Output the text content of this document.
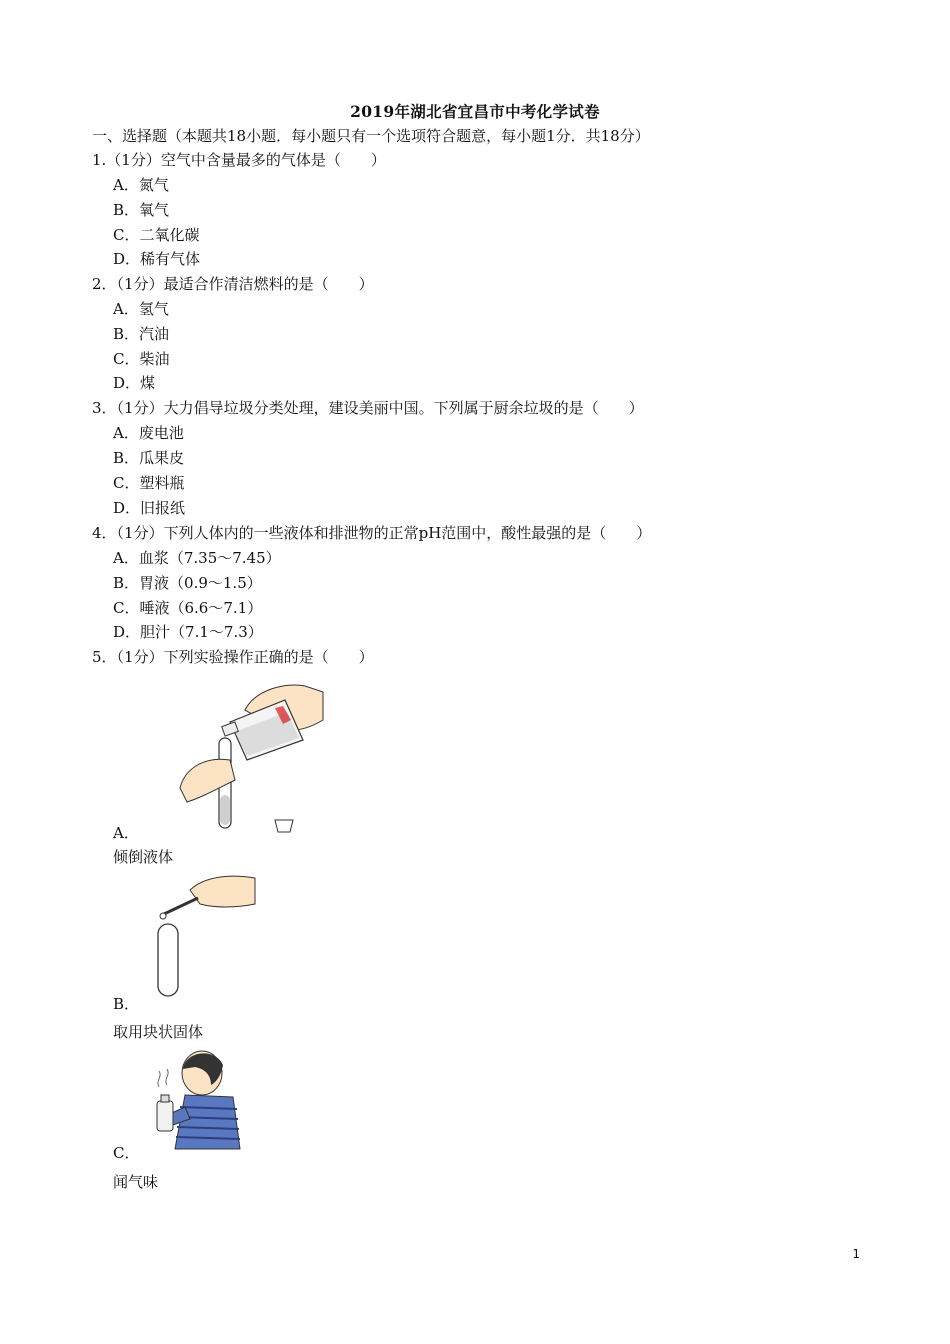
2019年湖北省宜昌市中考化学试卷
一、选择题（本题共18小题．每小题只有一个选项符合题意，每小题1分．共18分）
1.（1分）空气中含量最多的气体是（　　）
A．氮气
B．氧气
C．二氧化碳
D．稀有气体
2．（1分）最适合作清洁燃料的是（　　）
A．氢气
B．汽油
C．柴油
D．煤
3．（1分）大力倡导垃圾分类处理，建设美丽中国。下列属于厨余垃圾的是（　　）
A．废电池
B．瓜果皮
C．塑料瓶
D．旧报纸
4．（1分）下列人体内的一些液体和排泄物的正常pH范围中，酸性最强的是（　　）
A．血浆（7.35～7.45）
B．胃液（0.9～1.5）
C．唾液（6.6～7.1）
D．胆汁（7.1～7.3）
5．（1分）下列实验操作正确的是（　　）
A．
倾倒液体
B．
取用块状固体
C．
闻气味
1
